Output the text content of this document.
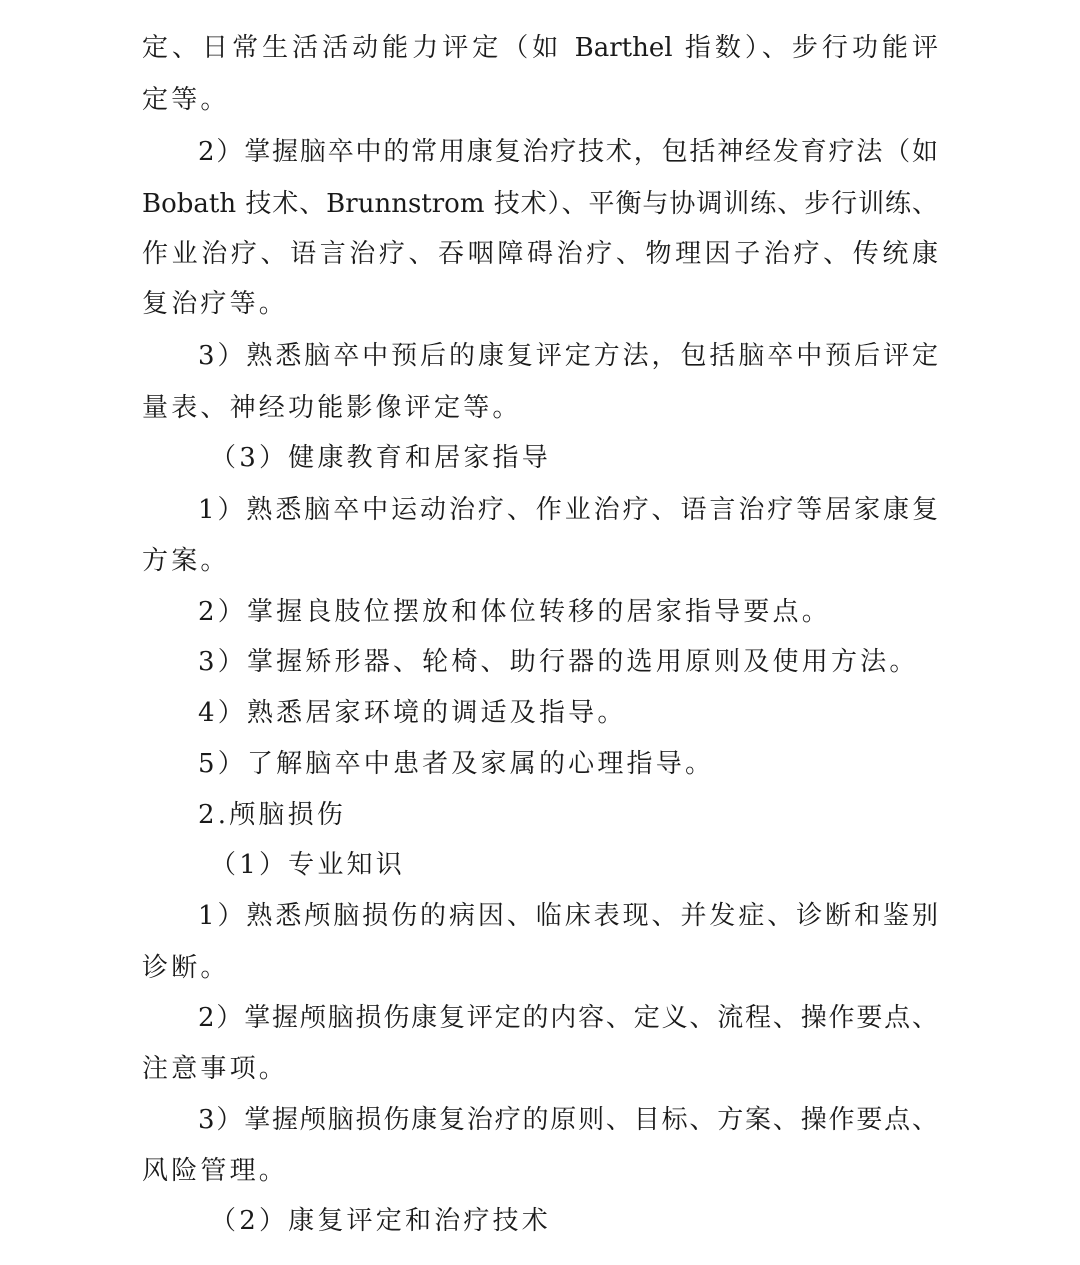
定、日常生活活动能力评定（如 Barthel 指数）、步行功能评
定等。
2）掌握脑卒中的常用康复治疗技术，包括神经发育疗法（如
Bobath 技术、Brunnstrom 技术）、平衡与协调训练、步行训练、
作业治疗、语言治疗、吞咽障碍治疗、物理因子治疗、传统康
复治疗等。
3）熟悉脑卒中预后的康复评定方法，包括脑卒中预后评定
量表、神经功能影像评定等。
（3）健康教育和居家指导
1）熟悉脑卒中运动治疗、作业治疗、语言治疗等居家康复
方案。
2）掌握良肢位摆放和体位转移的居家指导要点。
3）掌握矫形器、轮椅、助行器的选用原则及使用方法。
4）熟悉居家环境的调适及指导。
5）了解脑卒中患者及家属的心理指导。
2.颅脑损伤
（1）专业知识
1）熟悉颅脑损伤的病因、临床表现、并发症、诊断和鉴别
诊断。
2）掌握颅脑损伤康复评定的内容、定义、流程、操作要点、
注意事项。
3）掌握颅脑损伤康复治疗的原则、目标、方案、操作要点、
风险管理。
（2）康复评定和治疗技术
